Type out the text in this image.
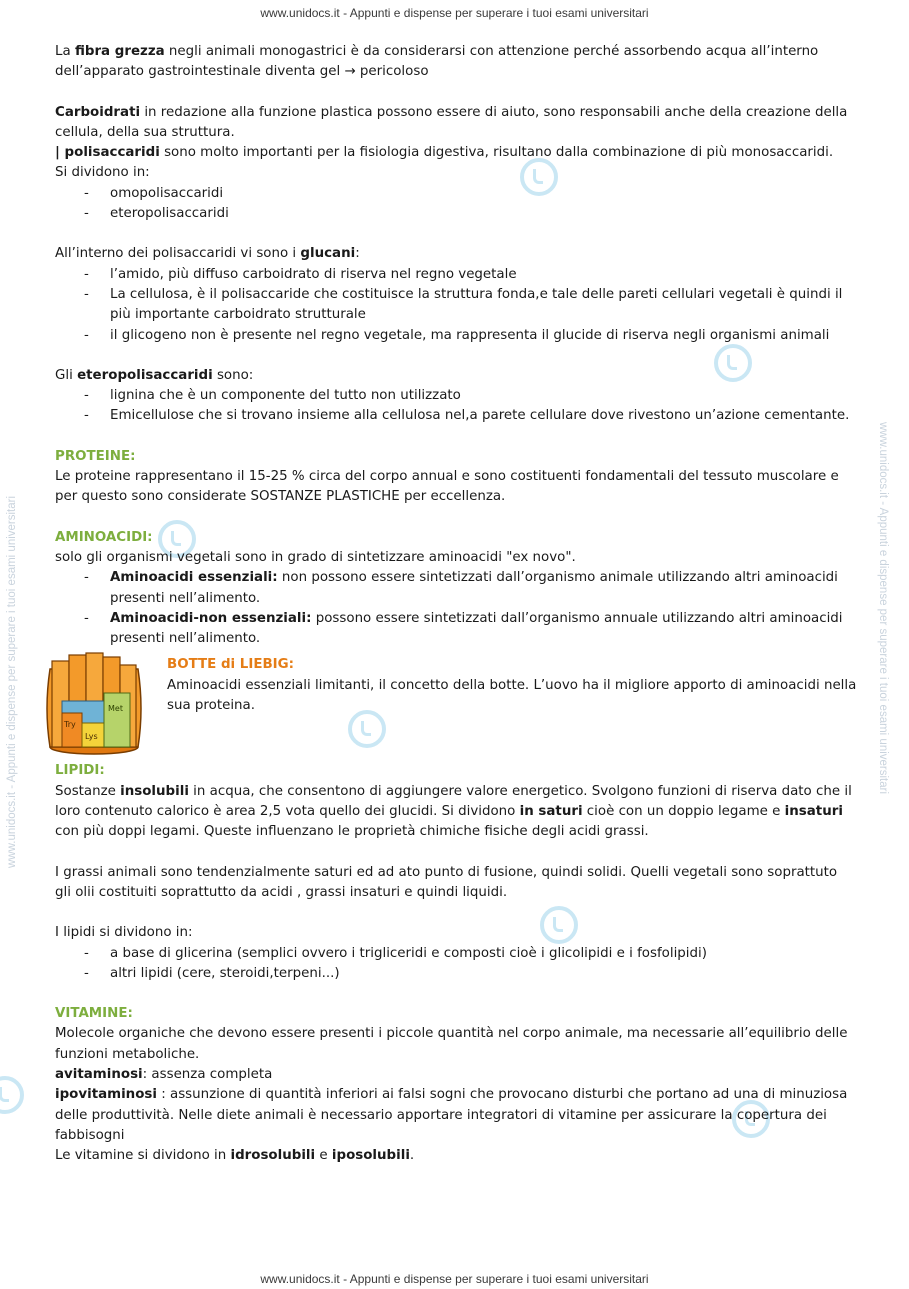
www.unidocs.it - Appunti e dispense per superare i tuoi esami universitari
www.unidocs.it - Appunti e dispense per superare i tuoi esami universitari
www.unidocs.it - Appunti e dispense per superare i tuoi esami universitari	www.unidocs.it - Appunti e dispense per superare i tuoi esami universitari

La fibra grezza negli animali monogastrici è da considerarsi con attenzione perché assorbendo acqua all’interno dell’apparato gastrointestinale diventa gel → pericoloso

Carboidrati in redazione alla funzione plastica possono essere di aiuto, sono responsabili anche della creazione della cellula, della sua struttura.

| polisaccaridi sono molto importanti per la fisiologia digestiva, risultano dalla combinazione di più monosaccaridi.

Si dividono in:

- omopolisaccaridi
- eteropolisaccaridi

All’interno dei polisaccaridi vi sono i glucani:

- l’amido, più diffuso carboidrato di riserva nel regno vegetale
- La cellulosa, è il polisaccaride che costituisce la struttura fonda,e tale delle pareti cellulari vegetali è quindi il più importante carboidrato strutturale
- il glicogeno non è presente nel regno vegetale, ma rappresenta il glucide di riserva negli organismi animali

Gli eteropolisaccaridi sono:

- lignina che è un componente del tutto non utilizzato
- Emicellulose che si trovano insieme alla cellulosa nel,a parete cellulare dove rivestono un’azione cementante.

PROTEINE:

Le proteine rappresentano il 15-25 % circa del corpo annual e sono costituenti fondamentali del tessuto muscolare e per questo sono considerate SOSTANZE PLASTICHE per eccellenza.

AMINOACIDI:

solo gli organismi vegetali sono in grado di sintetizzare aminoacidi "ex novo".

- Aminoacidi essenziali: non possono essere sintetizzati dall’organismo animale utilizzando altri aminoacidi presenti nell’alimento.
- Aminoacidi-non essenziali: possono essere sintetizzati dall’organismo annuale utilizzando altri aminoacidi presenti nell’alimento.
Try
Lys
Met

BOTTE di LIEBIG:

Aminoacidi essenziali limitanti, il concetto della botte. L’uovo ha il migliore apporto di aminoacidi nella sua proteina.

LIPIDI:

Sostanze insolubili in acqua, che consentono di aggiungere valore energetico. Svolgono funzioni di riserva dato che il loro contenuto calorico è area 2,5 vota quello dei glucidi. Si dividono in saturi cioè con un doppio legame e insaturi con più doppi legami. Queste influenzano le proprietà chimiche fisiche degli acidi grassi.

I grassi animali sono tendenzialmente saturi ed ad ato punto di fusione, quindi solidi. Quelli vegetali sono soprattuto gli olii costituiti soprattutto da acidi , grassi insaturi e quindi liquidi.

I lipidi si dividono in:

- a base di glicerina (semplici ovvero i trigliceridi e composti cioè i glicolipidi e i fosfolipidi)
- altri lipidi (cere, steroidi,terpeni...)

VITAMINE:

Molecole organiche che devono essere presenti i piccole quantità nel corpo animale, ma necessarie all’equilibrio delle funzioni metaboliche.

avitaminosi: assenza completa

ipovitaminosi : assunzione di quantità inferiori ai falsi sogni che provocano disturbi che portano ad una di minuziosa delle produttività. Nelle diete animali è necessario apportare integratori di vitamine per assicurare la copertura dei fabbisogni

Le vitamine si dividono in idrosolubili e iposolubili.
